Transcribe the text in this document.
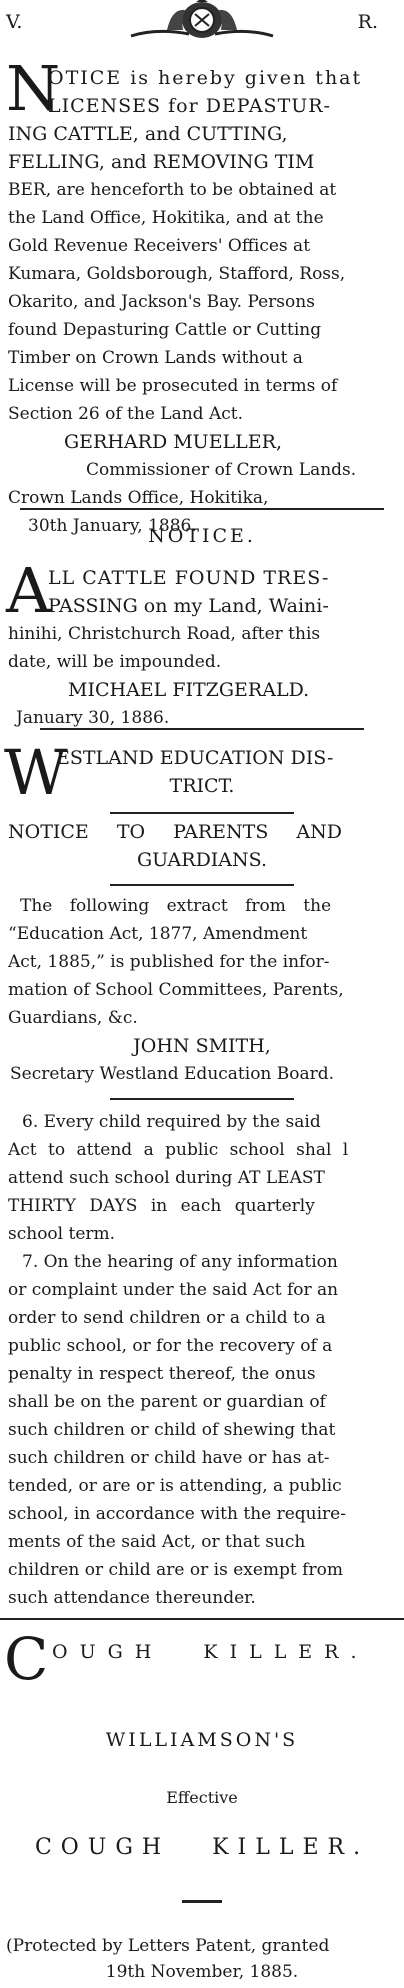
V.	R.
N
OTICE is hereby given that
LICENSES for DEPASTUR-
ING CATTLE, and CUTTING,
FELLING, and REMOVING TIM
BER, are henceforth to be obtained at
the Land Office, Hokitika, and at the
Gold Revenue Receivers' Offices at
Kumara, Goldsborough, Stafford, Ross,
Okarito, and Jackson's Bay. Persons
found Depasturing Cattle or Cutting
Timber on Crown Lands without a
License will be prosecuted in terms of
Section 26 of the Land Act.
GERHARD MUELLER,
Commissioner of Crown Lands.
Crown Lands Office, Hokitika,
30th January, 1886.
NOTICE.
A
LL CATTLE FOUND TRES-
PASSING on my Land, Waini-
hinihi, Christchurch Road, after this
date, will be impounded.
MICHAEL FITZGERALD.
January 30, 1886.
W
ESTLAND EDUCATION DIS-
TRICT.
NOTICE TO PARENTS AND
GUARDIANS.
The following extract from the
“Education Act, 1877, Amendment
Act, 1885,” is published for the infor-
mation of School Committees, Parents,
Guardians, &c.
JOHN SMITH,
Secretary Westland Education Board.
6. Every child required by the said
Act to attend a public school shal l
attend such school during AT LEAST
THIRTY DAYS in each quarterly
school term.
7. On the hearing of any information
or complaint under the said Act for an
order to send children or a child to a
public school, or for the recovery of a
penalty in respect thereof, the onus
shall be on the parent or guardian of
such children or child of shewing that
such children or child have or has at-
tended, or are or is attending, a public
school, in accordance with the require-
ments of the said Act, or that such
children or child are or is exempt from
such attendance thereunder.
C OUGH KILLER.
WILLIAMSON'S
Effective
COUGH KILLER.
(Protected by Letters Patent, granted
19th November, 1885.
